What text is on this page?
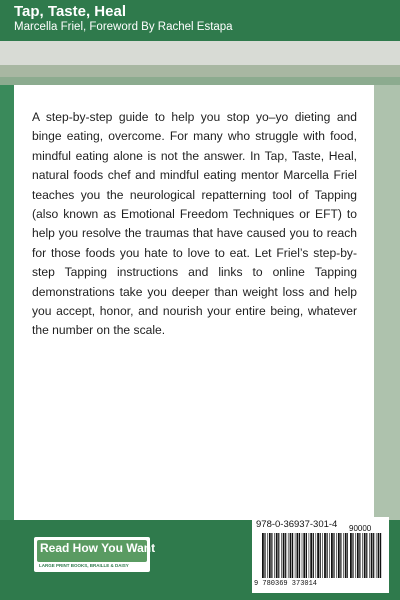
Tap, Taste, Heal
Marcella Friel, Foreword By Rachel Estapa

A step-by-step guide to help you stop yo–yo dieting and binge eating, overcome. For many who struggle with food, mindful eating alone is not the answer. In Tap, Taste, Heal, natural foods chef and mindful eating mentor Marcella Friel teaches you the neurological repatterning tool of Tapping (also known as Emotional Freedom Techniques or EFT) to help you resolve the traumas that have caused you to reach for those foods you hate to love to eat. Let Friel’s step-by-step Tapping instructions and links to online Tapping demonstrations take you deeper than weight loss and help you accept, honor, and nourish your entire being, whatever the number on the scale.

Read How You Want
LARGE PRINT BOOKS, BRAILLE & DAISY
978-0-36937-301-4 90000
9 780369 373014
